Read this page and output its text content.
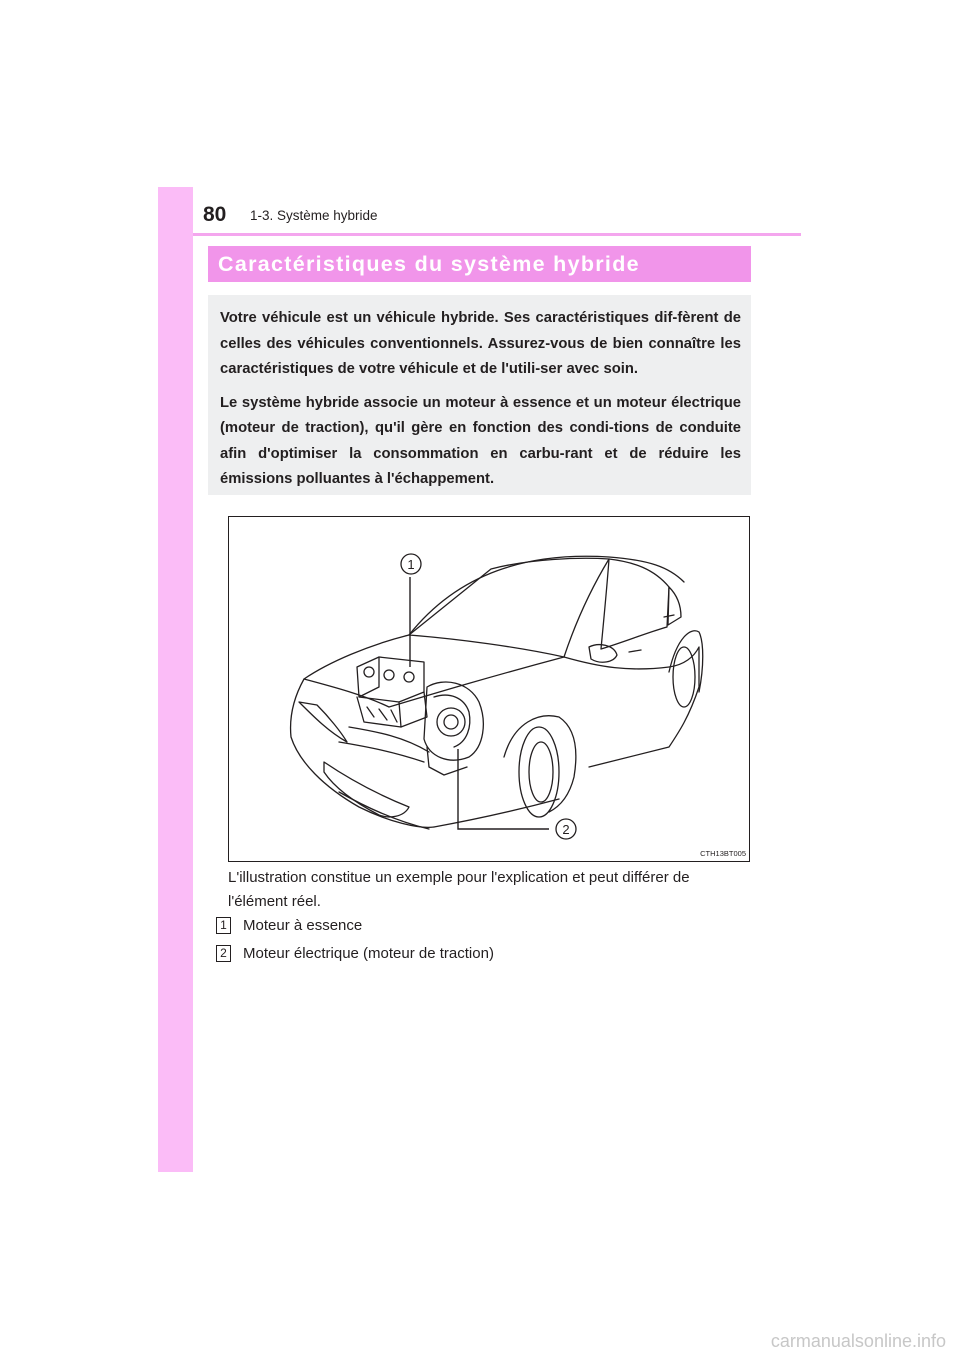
80 1-3. Système hybride
Caractéristiques du système hybride

Votre véhicule est un véhicule hybride. Ses caractéristiques dif-fèrent de celles des véhicules conventionnels. Assurez-vous de bien connaître les caractéristiques de votre véhicule et de l'utili-ser avec soin.

Le système hybride associe un moteur à essence et un moteur électrique (moteur de traction), qu'il gère en fonction des condi-tions de conduite afin d'optimiser la consommation en carbu-rant et de réduire les émissions polluantes à l'échappement.

1
2
CTH13BT005

L'illustration constitue un exemple pour l'explication et peut différer de l'élément réel.

1 Moteur à essence
2 Moteur électrique (moteur de traction)
carmanualsonline.info
